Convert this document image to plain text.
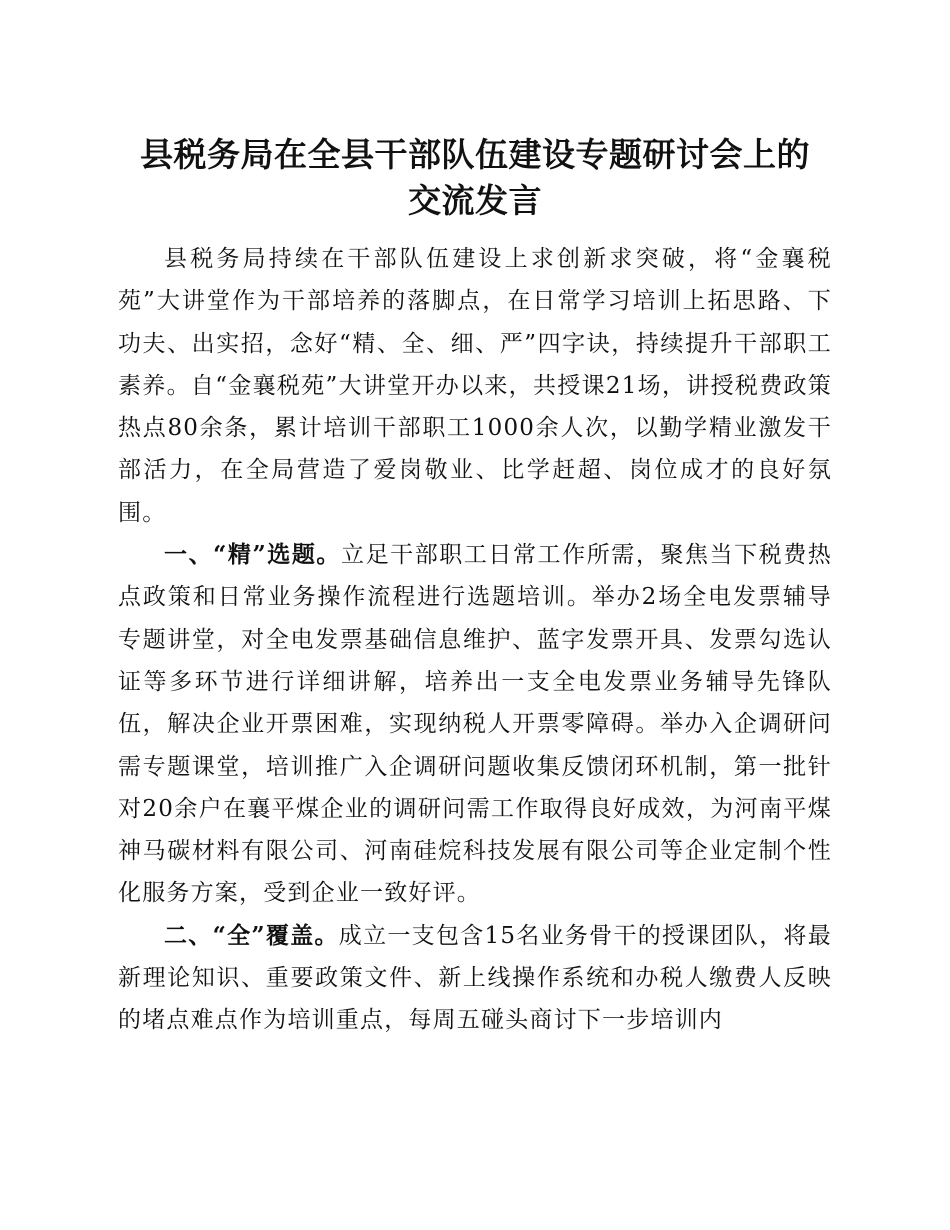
县税务局在全县干部队伍建设专题研讨会上的
交流发言

县税务局持续在干部队伍建设上求创新求突破，将“金襄税苑”大讲堂作为干部培养的落脚点，在日常学习培训上拓思路、下功夫、出实招，念好“精、全、细、严”四字诀，持续提升干部职工素养。自“金襄税苑”大讲堂开办以来，共授课21场，讲授税费政策热点80余条，累计培训干部职工1000余人次，以勤学精业激发干部活力，在全局营造了爱岗敬业、比学赶超、岗位成才的良好氛围。

一、“精”选题。立足干部职工日常工作所需，聚焦当下税费热点政策和日常业务操作流程进行选题培训。举办2场全电发票辅导专题讲堂，对全电发票基础信息维护、蓝字发票开具、发票勾选认证等多环节进行详细讲解，培养出一支全电发票业务辅导先锋队伍，解决企业开票困难，实现纳税人开票零障碍。举办入企调研问需专题课堂，培训推广入企调研问题收集反馈闭环机制，第一批针对20余户在襄平煤企业的调研问需工作取得良好成效，为河南平煤神马碳材料有限公司、河南硅烷科技发展有限公司等企业定制个性化服务方案，受到企业一致好评。

二、“全”覆盖。成立一支包含15名业务骨干的授课团队，将最新理论知识、重要政策文件、新上线操作系统和办税人缴费人反映的堵点难点作为培训重点，每周五碰头商讨下一步培训内
